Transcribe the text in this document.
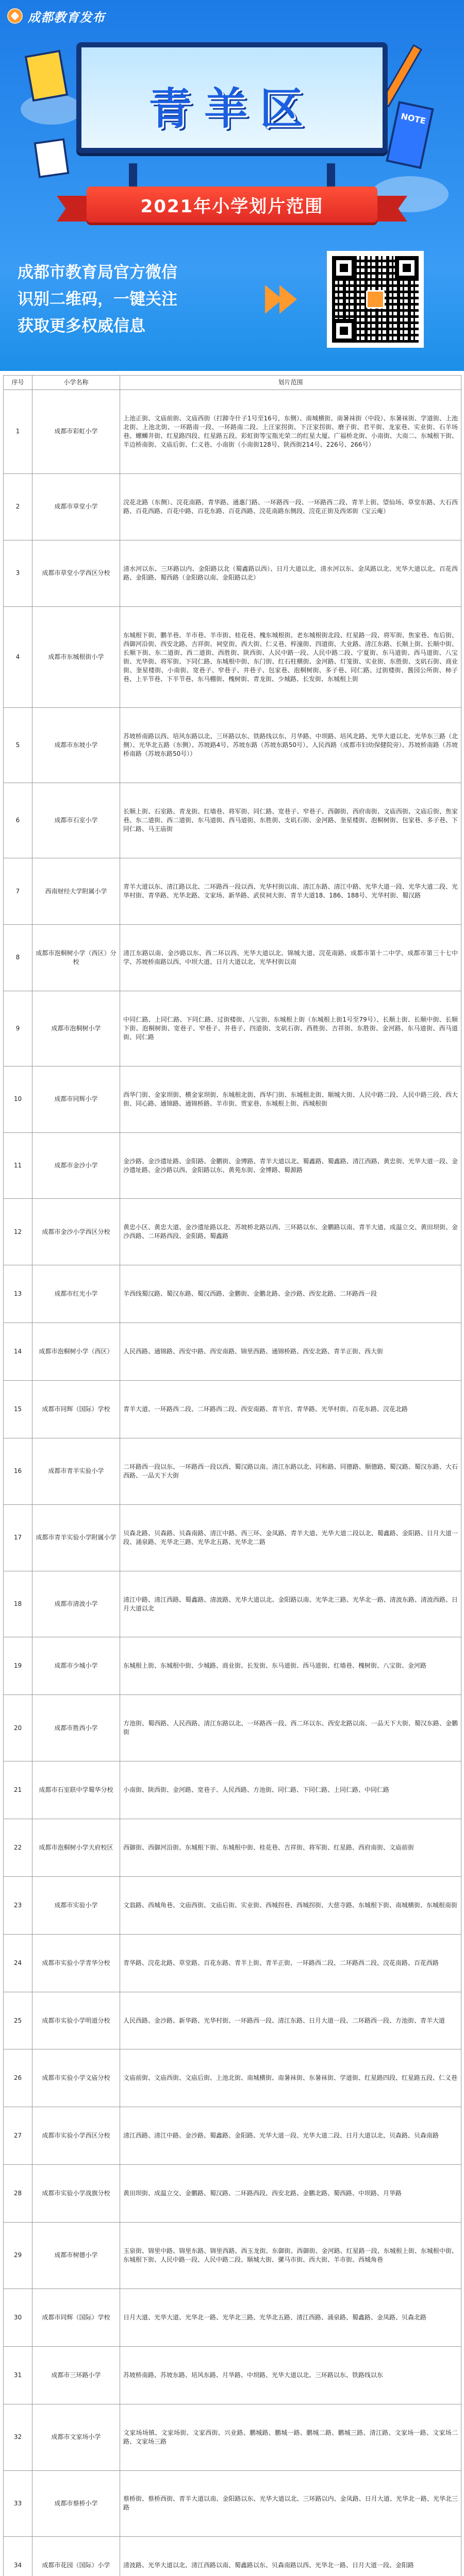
成都教育发布
NOTE
青羊区
2021年小学划片范围
成都市教育局官方微信
识别二维码，一键关注
获取更多权威信息
序号	小学名称	划片范围
1	成都市彩虹小学	上池正街、文庙前街、文庙西街（打蹄寺什子1号至16号，东侧）、南城横街、南暑袜街（中段）、东暑袜街、学道街、上池北街、上池北街、一环路南一段、一环路南二段、上汪家拐街、下汪家拐街、磨子街、君平街、龙家巷、实业街、石羊场巷、螺蛳井街、红星路四段、红星路五段、彩虹街等宝瓶光荣二的红星大厦、广福桥北街、小南街、大南二、东城根下街、半边桥南街、文庙后街、仁义巷、小南街（小南街128号、陕西街214号、226号、266号）
2	成都市草堂小学	浣花北路（东侧）、浣花南路、青华路、通惠门路、一环路西一段、一环路西二段、青羊上街、望仙场、草堂东路、大石西路、百花西路、百花中路、百花东路、百花西路、浣花南路东侧段、浣花正街及西郊街（宝云庵）
3	成都市草堂小学西区分校	清水河以东、三环路以内、金阳路以北（蜀鑫路以西）、日月大道以北、清水河以东、金凤路以北、光华大道以北、百花西路、金阳路、蜀西路（金阳路以南、金阳路以北）
4	成都市东城根街小学	东城根下街、鹏羊巷、羊市巷、羊市街、桂花巷、槐东城根街、老东城根街北段、红星路一段、将军街、焦家巷、布后街、西御河沿街、西安北路、吉祥街、祠堂街、西大街、仁义巷、梓潼街、四道街、大业路、清江东路、长顺上街、长顺中街、长顺下街、东二道街、西二道街、西胜街、陕西街、人民中路一段、人民中路二段、宁夏街、东马道街、西马道街、八宝街、光华街、将军街、下同仁路、东城根中街、东门街、红石柱横街、金河路、灯笼街、实业街、东胜街、支矶石街、商业街、奎星楼街、小南街、宽巷子、窄巷子、井巷子、包家巷、泡桐树街、多子巷、同仁路、过街楼街、酱园公所街、柿子巷、上半节巷、下半节巷、东马棚街、槐树街、青龙街、少城路、长发街、东城根上街
5	成都市东坡小学	苏坡桥南路以西、培风东路以北、三环路以东、铁路线以东、月华路、中坝路、培风北路、光华大道以北、光华东三路（北侧）、光华北五路（东侧）、苏坡路4号、苏坡东路（苏坡东路50号）、人民西路（成都市妇幼保健院旁）、苏坡桥南路（苏坡桥南路（苏坡东路50号））
6	成都市石室小学	长顺上街、石室路、青龙街、红墙巷、将军街、同仁路、宽巷子、窄巷子、西御街、西府南街、文庙西街、文庙后街、焦家巷、东二道街、西二道街、东马道街、西马道街、东胜街、支矶石街、金河路、奎星楼街、泡桐树街、包家巷、多子巷、下同仁路、马王庙街
7	西南财经大学附属小学	青羊大道以东、清江路以北、二环路西一段以西、光华村街以南、清江东路、清江中路、光华大道一段、光华大道二段、光华村街、青华路、光华北路、文家场、新华路、武侯祠大街、青羊大道18、186、188号、光华村街、蜀汉路
8	成都市泡桐树小学（西区）分校	清江东路以南、金沙路以东、西二环以西、光华大道以北、锦城大道、浣花南路、成都市第十二中学、成都市第三十七中学、苏坡桥南路以西、中坝大道、日月大道以北、光华村街以南
9	成都市泡桐树小学	中同仁路、上同仁路、下同仁路、过街楼街、八宝街、东城根上街（东城根上街1号至79号）、长顺上街、长顺中街、长顺下街、泡桐树街、宽巷子、窄巷子、井巷子、四道街、支矶石街、西胜街、吉祥街、东胜街、金河路、东马道街、西马道街、同仁路
10	成都市同辉小学	西华门街、金家坝街、横金家坝街、东城根北街、西华门街、东城根北街、顺城大街、人民中路二段、人民中路三段、西大街、同心路、通锦路、通锦桥路、羊市街、贾家巷、东城根上街、西城根街
11	成都市金沙小学	金沙路、金沙遗址路、金阳路、金鹏街、金博路、青羊大道以北、蜀鑫路、蜀鑫路、清江西路、黄忠街、光华大道一段、金沙遗址路、金沙路以西、金阳路以东、黄苑东街、金博路、蜀源路
12	成都市金沙小学西区分校	黄忠小区、黄忠大道、金沙遗址路以北、苏坡桥北路以西、三环路以东、金鹏路以南、青羊大道、成温立交、黄田坝街、金沙西路、二环路西段、金阳路、蜀鑫路
13	成都市红光小学	羊西线蜀汉路、蜀汉东路、蜀汉西路、金鹏街、金鹏北路、金沙路、西安北路、二环路西一段
14	成都市泡桐树小学（西区）	人民西路、通锦路、西安中路、西安南路、锦里西路、通锦桥路、西安北路、青羊正街、西大街
15	成都市同辉（国际）学校	青羊大道、一环路西二段、二环路西二段、西安南路、青羊宫、青华路、光华村街、百花东路、浣花北路
16	成都市青羊实验小学	二环路西一段以东、一环路西一段以西、蜀汉路以南、清江东路以北、同和路、同德路、顺德路、蜀汉路、蜀汉东路、大石西路、一品天下大街
17	成都市青羊实验小学附属小学	贝森北路、贝森路、贝森南路、清江中路、西三环、金凤路、青羊大道、光华大道二段以北、蜀鑫路、金阳路、日月大道一段、涌泉路、光华北三路、光华北五路、光华北二路
18	成都市清波小学	清江中路、清江西路、蜀鑫路、清波路、光华大道以北、金阳路以南、光华北三路、光华北一路、清波东路、清波西路、日月大道以北
19	成都市少城小学	东城根上街、东城根中街、少城路、商业街、长发街、东马道街、西马道街、红墙巷、槐树街、八宝街、金河路
20	成都市胜西小学	方池街、蜀西路、人民西路、清江东路以北、一环路西一段、西二环以东、西安北路以南、一品天下大街、蜀汉东路、金鹏街
21	成都市石室联中学蜀华分校	小南街、陕西街、金河路、宽巷子、人民西路、方池街、同仁路、下同仁路、上同仁路、中同仁路
22	成都市泡桐树小学天府校区	西御街、西御河沿街、东城根下街、东城根中街、桂花巷、吉祥街、将军街、红星路、西府南街、文庙前街
23	成都市实验小学	文翁路、西城角巷、文庙西街、文庙后街、实业街、西城拐巷、西城拐街、大慈寺路、东城根下街、南城横街、东城根南街
24	成都市实验小学青华分校	青华路、浣花北路、草堂路、百花东路、青羊上街、青羊正街、一环路西二段、二环路西二段、浣花南路、百花西路
25	成都市实验小学明道分校	人民西路、金沙路、新华路、光华村街、一环路西一段、清江东路、日月大道一段、二环路西一段、方池街、青羊大道
26	成都市实验小学文庙分校	文庙前街、文庙西街、文庙后街、上池北街、南城横街、南暑袜街、东暑袜街、学道街、红星路四段、红星路五段、仁义巷
27	成都市实验小学西区分校	清江西路、清江中路、金沙路、蜀鑫路、金阳路、光华大道一段、光华大道二段、日月大道以北、贝森路、贝森南路
28	成都市实验小学战旗分校	黄田坝街、成温立交、金鹏路、蜀汉路、二环路西段、西安北路、金鹏北路、蜀西路、中坝路、月华路
29	成都市树德小学	玉泉街、锦里中路、锦里东路、锦里西路、西玉龙街、东御街、西御街、金河路、红星路一段、东城根上街、东城根中街、东城根下街、人民中路一段、人民中路二段、顺城大街、骡马市街、西大街、羊市街、西城角巷
30	成都市同辉（国际）学校	日月大道、光华大道、光华北一路、光华北三路、光华北五路、清江西路、涌泉路、蜀鑫路、金凤路、贝森北路
31	成都市三环路小学	苏坡桥南路、苏坡东路、培风东路、月华路、中坝路、光华大道以北、三环路以东、铁路线以东
32	成都市文家场小学	文家场场镇、文家场街、文家西街、兴业路、鹏城路、鹏城一路、鹏城二路、鹏城三路、清江路、文家场一路、文家场二路、文家场三路
33	成都市蔡桥小学	蔡桥街、蔡桥西街、青羊大道以南、金阳路以东、光华大道以北、三环路以内、金凤路、日月大道、光华北一路、光华北三路
34	成都市花园（国际）小学	清波路、光华大道以北、清江西路以南、蜀鑫路以东、贝森南路以西、光华北一路、日月大道一段、金阳路
